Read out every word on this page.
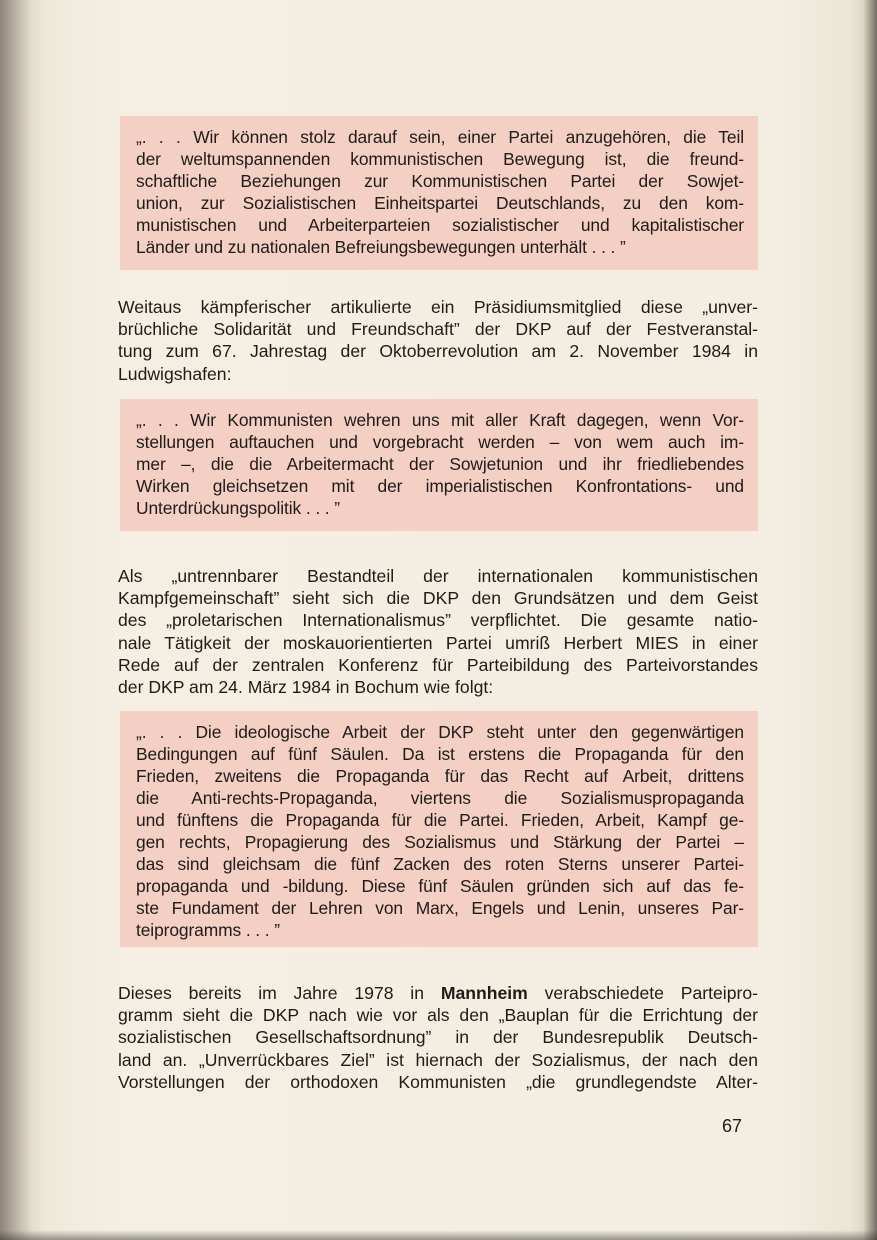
„. . . Wir können stolz darauf sein, einer Partei anzugehören, die Teil
der weltumspannenden kommunistischen Bewegung ist, die freund-
schaftliche Beziehungen zur Kommunistischen Partei der Sowjet-
union, zur Sozialistischen Einheitspartei Deutschlands, zu den kom-
munistischen und Arbeiterparteien sozialistischer und kapitalistischer
Länder und zu nationalen Befreiungsbewegungen unterhält . . . ”
Weitaus kämpferischer artikulierte ein Präsidiumsmitglied diese „unver-
brüchliche Solidarität und Freundschaft” der DKP auf der Festveranstal-
tung zum 67. Jahrestag der Oktoberrevolution am 2. November 1984 in
Ludwigshafen:
„. . . Wir Kommunisten wehren uns mit aller Kraft dagegen, wenn Vor-
stellungen auftauchen und vorgebracht werden – von wem auch im-
mer –, die die Arbeitermacht der Sowjetunion und ihr friedliebendes
Wirken gleichsetzen mit der imperialistischen Konfrontations- und
Unterdrückungspolitik . . . ”
Als „untrennbarer Bestandteil der internationalen kommunistischen
Kampfgemeinschaft” sieht sich die DKP den Grundsätzen und dem Geist
des „proletarischen Internationalismus” verpflichtet. Die gesamte natio-
nale Tätigkeit der moskauorientierten Partei umriß Herbert MIES in einer
Rede auf der zentralen Konferenz für Parteibildung des Parteivorstandes
der DKP am 24. März 1984 in Bochum wie folgt:
„. . . Die ideologische Arbeit der DKP steht unter den gegenwärtigen
Bedingungen auf fünf Säulen. Da ist erstens die Propaganda für den
Frieden, zweitens die Propaganda für das Recht auf Arbeit, drittens
die Anti-rechts-Propaganda, viertens die Sozialismuspropaganda
und fünftens die Propaganda für die Partei. Frieden, Arbeit, Kampf ge-
gen rechts, Propagierung des Sozialismus und Stärkung der Partei –
das sind gleichsam die fünf Zacken des roten Sterns unserer Partei-
propaganda und -bildung. Diese fünf Säulen gründen sich auf das fe-
ste Fundament der Lehren von Marx, Engels und Lenin, unseres Par-
teiprogramms . . . ”
Dieses bereits im Jahre 1978 in Mannheim verabschiedete Parteipro-
gramm sieht die DKP nach wie vor als den „Bauplan für die Errichtung der
sozialistischen Gesellschaftsordnung” in der Bundesrepublik Deutsch-
land an. „Unverrückbares Ziel” ist hiernach der Sozialismus, der nach den
Vorstellungen der orthodoxen Kommunisten „die grundlegendste Alter-
67
